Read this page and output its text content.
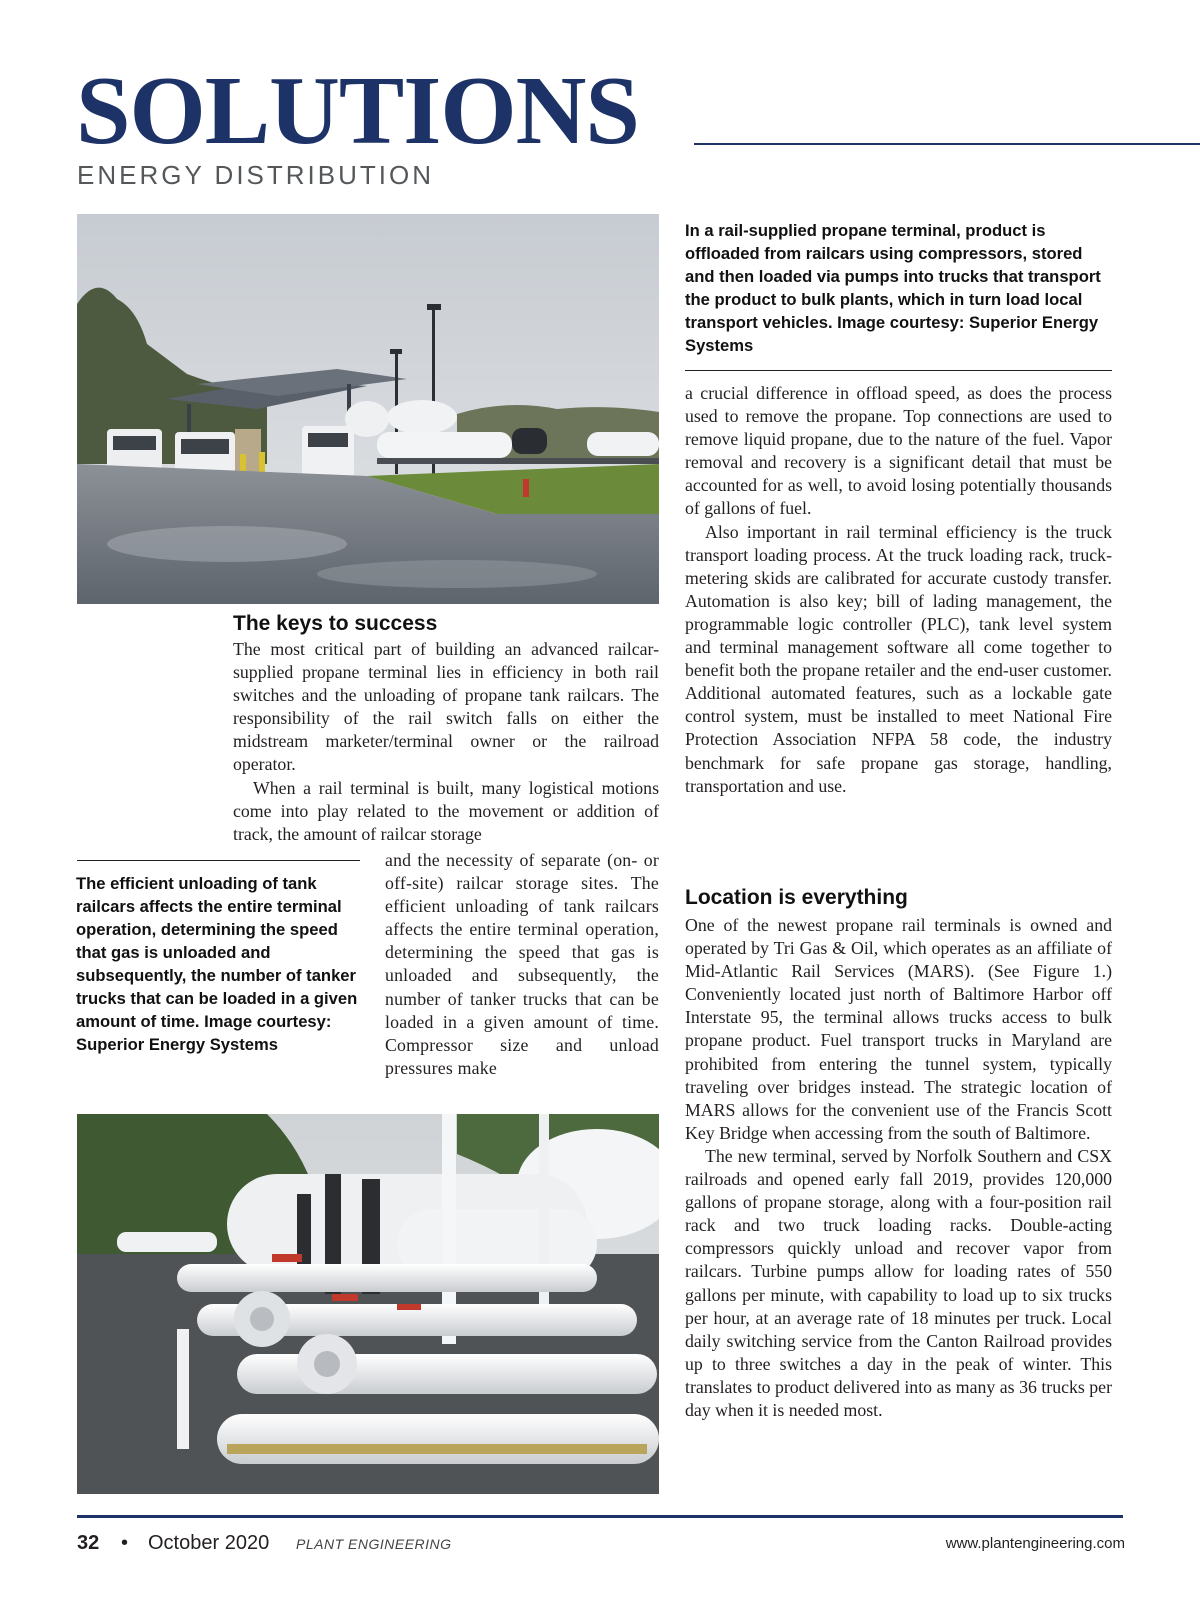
SOLUTIONS
ENERGY DISTRIBUTION
In a rail-supplied propane terminal, product is offloaded from railcars using compressors, stored and then loaded via pumps into trucks that transport the product to bulk plants, which in turn load local transport vehicles. Image courtesy: Superior Energy Systems
The keys to success

The most critical part of building an advanced railcar-supplied propane terminal lies in efficiency in both rail switches and the unloading of propane tank railcars. The responsibility of the rail switch falls on either the midstream marketer/terminal owner or the railroad operator.

When a rail terminal is built, many logistical motions come into play related to the movement or addition of track, the amount of railcar storage

The efficient unloading of tank railcars affects the entire terminal operation, determining the speed that gas is unloaded and subsequently, the number of tanker trucks that can be loaded in a given amount of time. Image courtesy: Superior Energy Systems

and the necessity of separate (on- or off-site) railcar storage sites. The efficient unloading of tank railcars affects the entire terminal operation, determining the speed that gas is unloaded and subsequently, the number of tanker trucks that can be loaded in a given amount of time. Compressor size and unload pressures make

a crucial difference in offload speed, as does the process used to remove the propane. Top connections are used to remove liquid propane, due to the nature of the fuel. Vapor removal and recovery is a significant detail that must be accounted for as well, to avoid losing potentially thousands of gallons of fuel.

Also important in rail terminal efficiency is the truck transport loading process. At the truck loading rack, truck-metering skids are calibrated for accurate custody transfer. Automation is also key; bill of lading management, the programmable logic controller (PLC), tank level system and terminal management software all come together to benefit both the propane retailer and the end-user customer. Additional automated features, such as a lockable gate control system, must be installed to meet National Fire Protection Association NFPA 58 code, the industry benchmark for safe propane gas storage, handling, transportation and use.

Location is everything

One of the newest propane rail terminals is owned and operated by Tri Gas & Oil, which operates as an affiliate of Mid-Atlantic Rail Services (MARS). (See Figure 1.) Conveniently located just north of Baltimore Harbor off Interstate 95, the terminal allows trucks access to bulk propane product. Fuel transport trucks in Maryland are prohibited from entering the tunnel system, typically traveling over bridges instead. The strategic location of MARS allows for the convenient use of the Francis Scott Key Bridge when accessing from the south of Baltimore.

The new terminal, served by Norfolk Southern and CSX railroads and opened early fall 2019, provides 120,000 gallons of propane storage, along with a four-position rail rack and two truck loading racks. Double-acting compressors quickly unload and recover vapor from railcars. Turbine pumps allow for loading rates of 550 gallons per minute, with capability to load up to six trucks per hour, at an average rate of 18 minutes per truck. Local daily switching service from the Canton Railroad provides up to three switches a day in the peak of winter. This translates to product delivered into as many as 36 trucks per day when it is needed most.

32 • October 2020 PLANT ENGINEERING	www.plantengineering.com
